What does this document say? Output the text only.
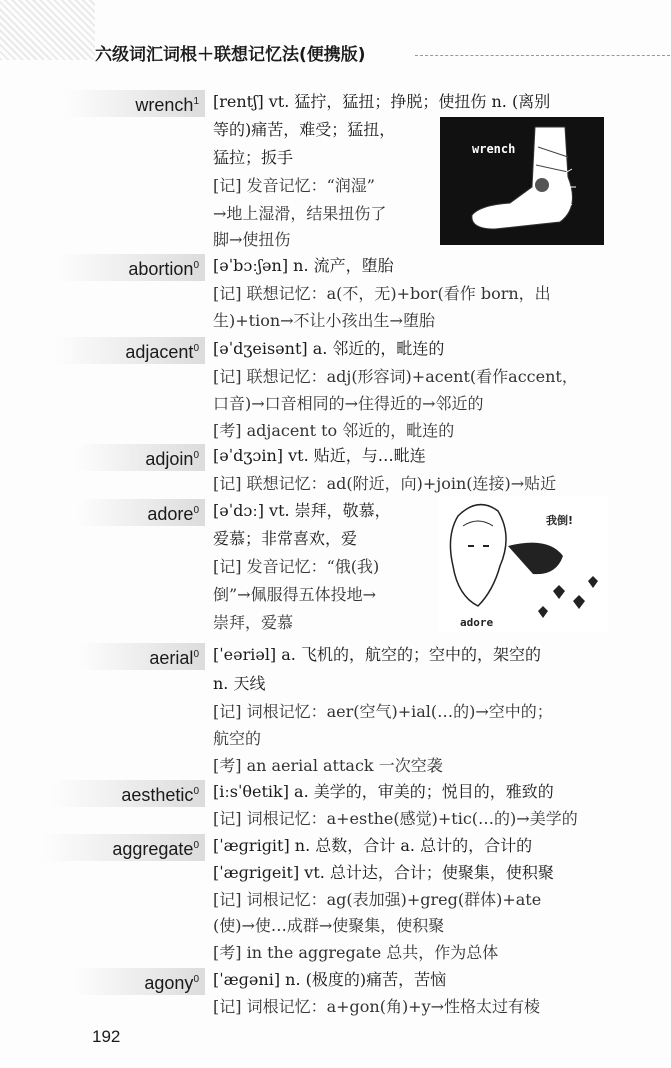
六级词汇词根＋联想记忆法(便携版)
wrench$^1$ [rentʃ] vt. 猛拧，猛扭；挣脱；使扭伤 n. (离别
等的)痛苦，难受；猛扭，
猛拉；扳手
[记] 发音记忆：“润湿”
→地上湿滑，结果扭伤了
脚→使扭伤
wrench
abortion$^0$ [əˈbɔːʃən] n. 流产，堕胎
[记] 联想记忆：a(不，无)+bor(看作 born，出
生)+tion→不让小孩出生→堕胎
adjacent$^0$ [əˈdʒeisənt] a. 邻近的，毗连的
[记] 联想记忆：adj(形容词)+acent(看作accent，
口音)→口音相同的→住得近的→邻近的
[考] adjacent to 邻近的，毗连的
adjoin$^0$ [əˈdʒɔin] vt. 贴近，与…毗连
[记] 联想记忆：ad(附近，向)+join(连接)→贴近
adore$^0$ [əˈdɔː] vt. 崇拜，敬慕，
爱慕；非常喜欢，爱
[记] 发音记忆：“俄(我)
倒”→佩服得五体投地→
崇拜，爱慕
我倒!
adore
aerial$^0$ [ˈeəriəl] a. 飞机的，航空的；空中的，架空的
n. 天线
[记] 词根记忆：aer(空气)+ial(…的)→空中的；
航空的
[考] an aerial attack 一次空袭
aesthetic$^0$ [iːsˈθetik] a. 美学的，审美的；悦目的，雅致的
[记] 词根记忆：a+esthe(感觉)+tic(…的)→美学的
aggregate$^0$ [ˈæɡriɡit] n. 总数，合计 a. 总计的，合计的
[ˈæɡriɡeit] vt. 总计达，合计；使聚集，使积聚
[记] 词根记忆：ag(表加强)+greg(群体)+ate
(使)→使…成群→使聚集，使积聚
[考] in the aggregate 总共，作为总体
agony$^0$ [ˈæɡəni] n. (极度的)痛苦，苦恼
[记] 词根记忆：a+gon(角)+y→性格太过有棱
192
